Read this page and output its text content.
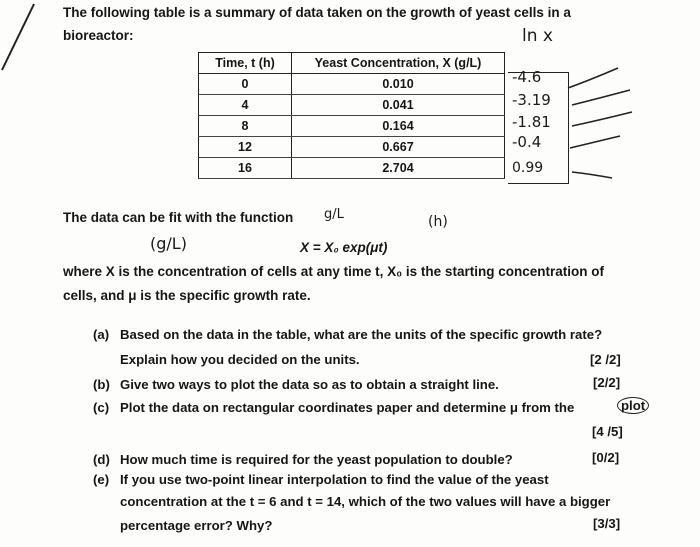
The following table is a summary of data taken on the growth of yeast cells in a
bioreactor:	ln x
Time, t (h)	Yeast Concentration, X (g/L)
0	0.010
4	0.041
8	0.164
12	0.667
16	2.704
-4.6
-3.19
-1.81
-0.4
0.99
The data can be fit with the function g/L
(g/L)	X = X₀ exp(μt)
(h)
where X is the concentration of cells at any time t, X₀ is the starting concentration of
cells, and μ is the specific growth rate.
(a) Based on the data in the table, what are the units of the specific growth rate?
Explain how you decided on the units.	[2 /2]
(b) Give two ways to plot the data so as to obtain a straight line.	[2/2]
(c) Plot the data on rectangular coordinates paper and determine μ from the	plot
[4 /5]
(d) How much time is required for the yeast population to double?	[0/2]
(e) If you use two-point linear interpolation to find the value of the yeast
concentration at the t = 6 and t = 14, which of the two values will have a bigger
percentage error? Why?	[3/3]
